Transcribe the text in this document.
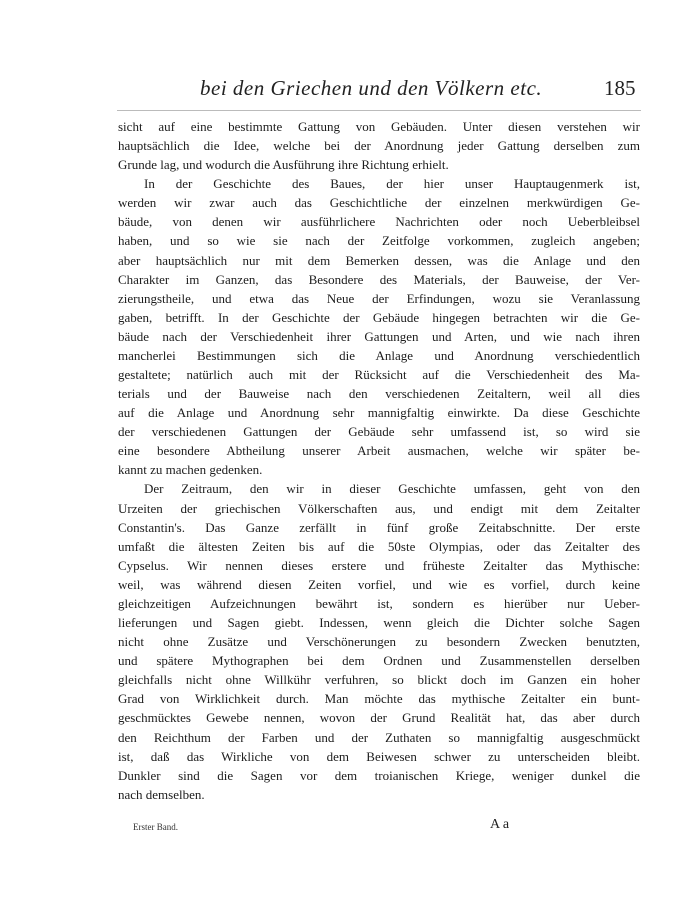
bei den Griechen und den Völkern etc.	185
sicht auf eine bestimmte Gattung von Gebäuden. Unter diesen verstehen wir
hauptsächlich die Idee, welche bei der Anordnung jeder Gattung derselben zum
Grunde lag, und wodurch die Ausführung ihre Richtung erhielt.
In der Geschichte des Baues, der hier unser Hauptaugenmerk ist,
werden wir zwar auch das Geschichtliche der einzelnen merkwürdigen Ge-
bäude, von denen wir ausführlichere Nachrichten oder noch Ueberbleibsel
haben, und so wie sie nach der Zeitfolge vorkommen, zugleich angeben;
aber hauptsächlich nur mit dem Bemerken dessen, was die Anlage und den
Charakter im Ganzen, das Besondere des Materials, der Bauweise, der Ver-
zierungstheile, und etwa das Neue der Erfindungen, wozu sie Veranlassung
gaben, betrifft. In der Geschichte der Gebäude hingegen betrachten wir die Ge-
bäude nach der Verschiedenheit ihrer Gattungen und Arten, und wie nach ihren
mancherlei Bestimmungen sich die Anlage und Anordnung verschiedentlich
gestaltete; natürlich auch mit der Rücksicht auf die Verschiedenheit des Ma-
terials und der Bauweise nach den verschiedenen Zeitaltern, weil all dies
auf die Anlage und Anordnung sehr mannigfaltig einwirkte. Da diese Geschichte
der verschiedenen Gattungen der Gebäude sehr umfassend ist, so wird sie
eine besondere Abtheilung unserer Arbeit ausmachen, welche wir später be-
kannt zu machen gedenken.
Der Zeitraum, den wir in dieser Geschichte umfassen, geht von den
Urzeiten der griechischen Völkerschaften aus, und endigt mit dem Zeitalter
Constantin's. Das Ganze zerfällt in fünf große Zeitabschnitte. Der erste
umfaßt die ältesten Zeiten bis auf die 50ste Olympias, oder das Zeitalter des
Cypselus. Wir nennen dieses erstere und früheste Zeitalter das Mythische:
weil, was während diesen Zeiten vorfiel, und wie es vorfiel, durch keine
gleichzeitigen Aufzeichnungen bewährt ist, sondern es hierüber nur Ueber-
lieferungen und Sagen giebt. Indessen, wenn gleich die Dichter solche Sagen
nicht ohne Zusätze und Verschönerungen zu besondern Zwecken benutzten,
und spätere Mythographen bei dem Ordnen und Zusammenstellen derselben
gleichfalls nicht ohne Willkühr verfuhren, so blickt doch im Ganzen ein hoher
Grad von Wirklichkeit durch. Man möchte das mythische Zeitalter ein bunt-
geschmücktes Gewebe nennen, wovon der Grund Realität hat, das aber durch
den Reichthum der Farben und der Zuthaten so mannigfaltig ausgeschmückt
ist, daß das Wirkliche von dem Beiwesen schwer zu unterscheiden bleibt.
Dunkler sind die Sagen vor dem troianischen Kriege, weniger dunkel die
nach demselben.
Erster Band.	A a
